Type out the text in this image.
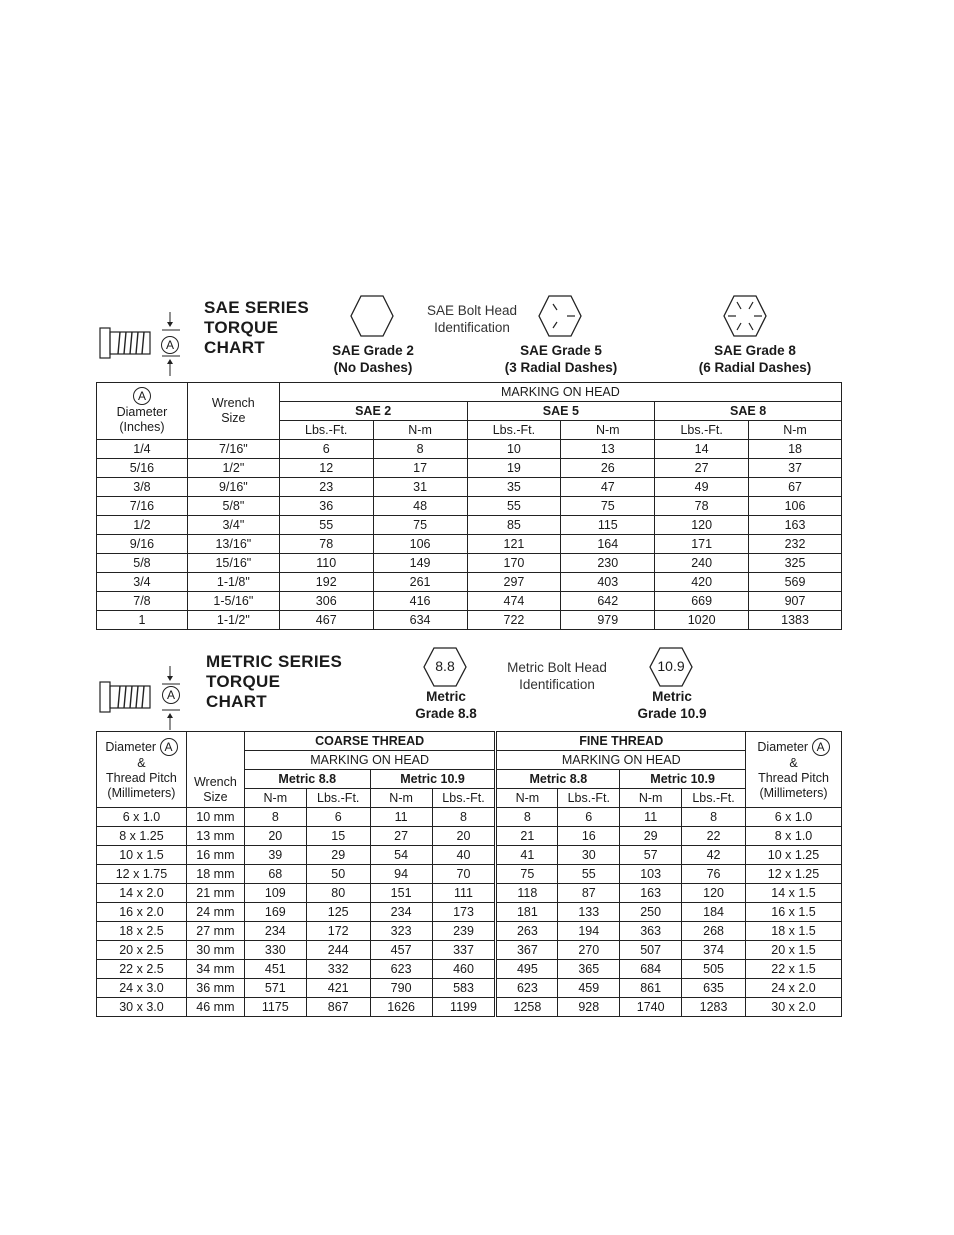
A
SAE SERIES
TORQUE
CHART
SAE Bolt Head
Identification
SAE Grade 2
(No Dashes)
SAE Grade 5
(3 Radial Dashes)
SAE Grade 8
(6 Radial Dashes)
A
Diameter
(Inches)	Wrench
Size	MARKING ON HEAD					
		SAE 2		SAE 5		SAE 8	
		Lbs.-Ft.	N-m	Lbs.-Ft.	N-m	Lbs.-Ft.	N-m
1/4	7/16"	6	8	10	13	14	18
5/16	1/2"	12	17	19	26	27	37
3/8	9/16"	23	31	35	47	49	67
7/16	5/8"	36	48	55	75	78	106
1/2	3/4"	55	75	85	115	120	163
9/16	13/16"	78	106	121	164	171	232
5/8	15/16"	110	149	170	230	240	325
3/4	1-1/8"	192	261	297	403	420	569
7/8	1-5/16"	306	416	474	642	669	907
1	1-1/2"	467	634	722	979	1020	1383
A
METRIC SERIES
TORQUE
CHART
8.8	Metric Bolt Head
Identification
10.9
Metric
Grade 8.8
Metric
Grade 10.9
Diameter A
&
Thread Pitch
(Millimeters)	Wrench
Size	COARSE THREAD				FINE THREAD				Diameter A
&
Thread Pitch
(Millimeters)
		MARKING ON HEAD				MARKING ON HEAD				
		Metric 8.8		Metric 10.9		Metric 8.8		Metric 10.9		
		N-m	Lbs.-Ft.	N-m	Lbs.-Ft.	N-m	Lbs.-Ft.	N-m	Lbs.-Ft.	
6 x 1.0	10 mm	8	6	11	8	8	6	11	8	6 x 1.0
8 x 1.25	13 mm	20	15	27	20	21	16	29	22	8 x 1.0
10 x 1.5	16 mm	39	29	54	40	41	30	57	42	10 x 1.25
12 x 1.75	18 mm	68	50	94	70	75	55	103	76	12 x 1.25
14 x 2.0	21 mm	109	80	151	111	118	87	163	120	14 x 1.5
16 x 2.0	24 mm	169	125	234	173	181	133	250	184	16 x 1.5
18 x 2.5	27 mm	234	172	323	239	263	194	363	268	18 x 1.5
20 x 2.5	30 mm	330	244	457	337	367	270	507	374	20 x 1.5
22 x 2.5	34 mm	451	332	623	460	495	365	684	505	22 x 1.5
24 x 3.0	36 mm	571	421	790	583	623	459	861	635	24 x 2.0
30 x 3.0	46 mm	1175	867	1626	1199	1258	928	1740	1283	30 x 2.0
